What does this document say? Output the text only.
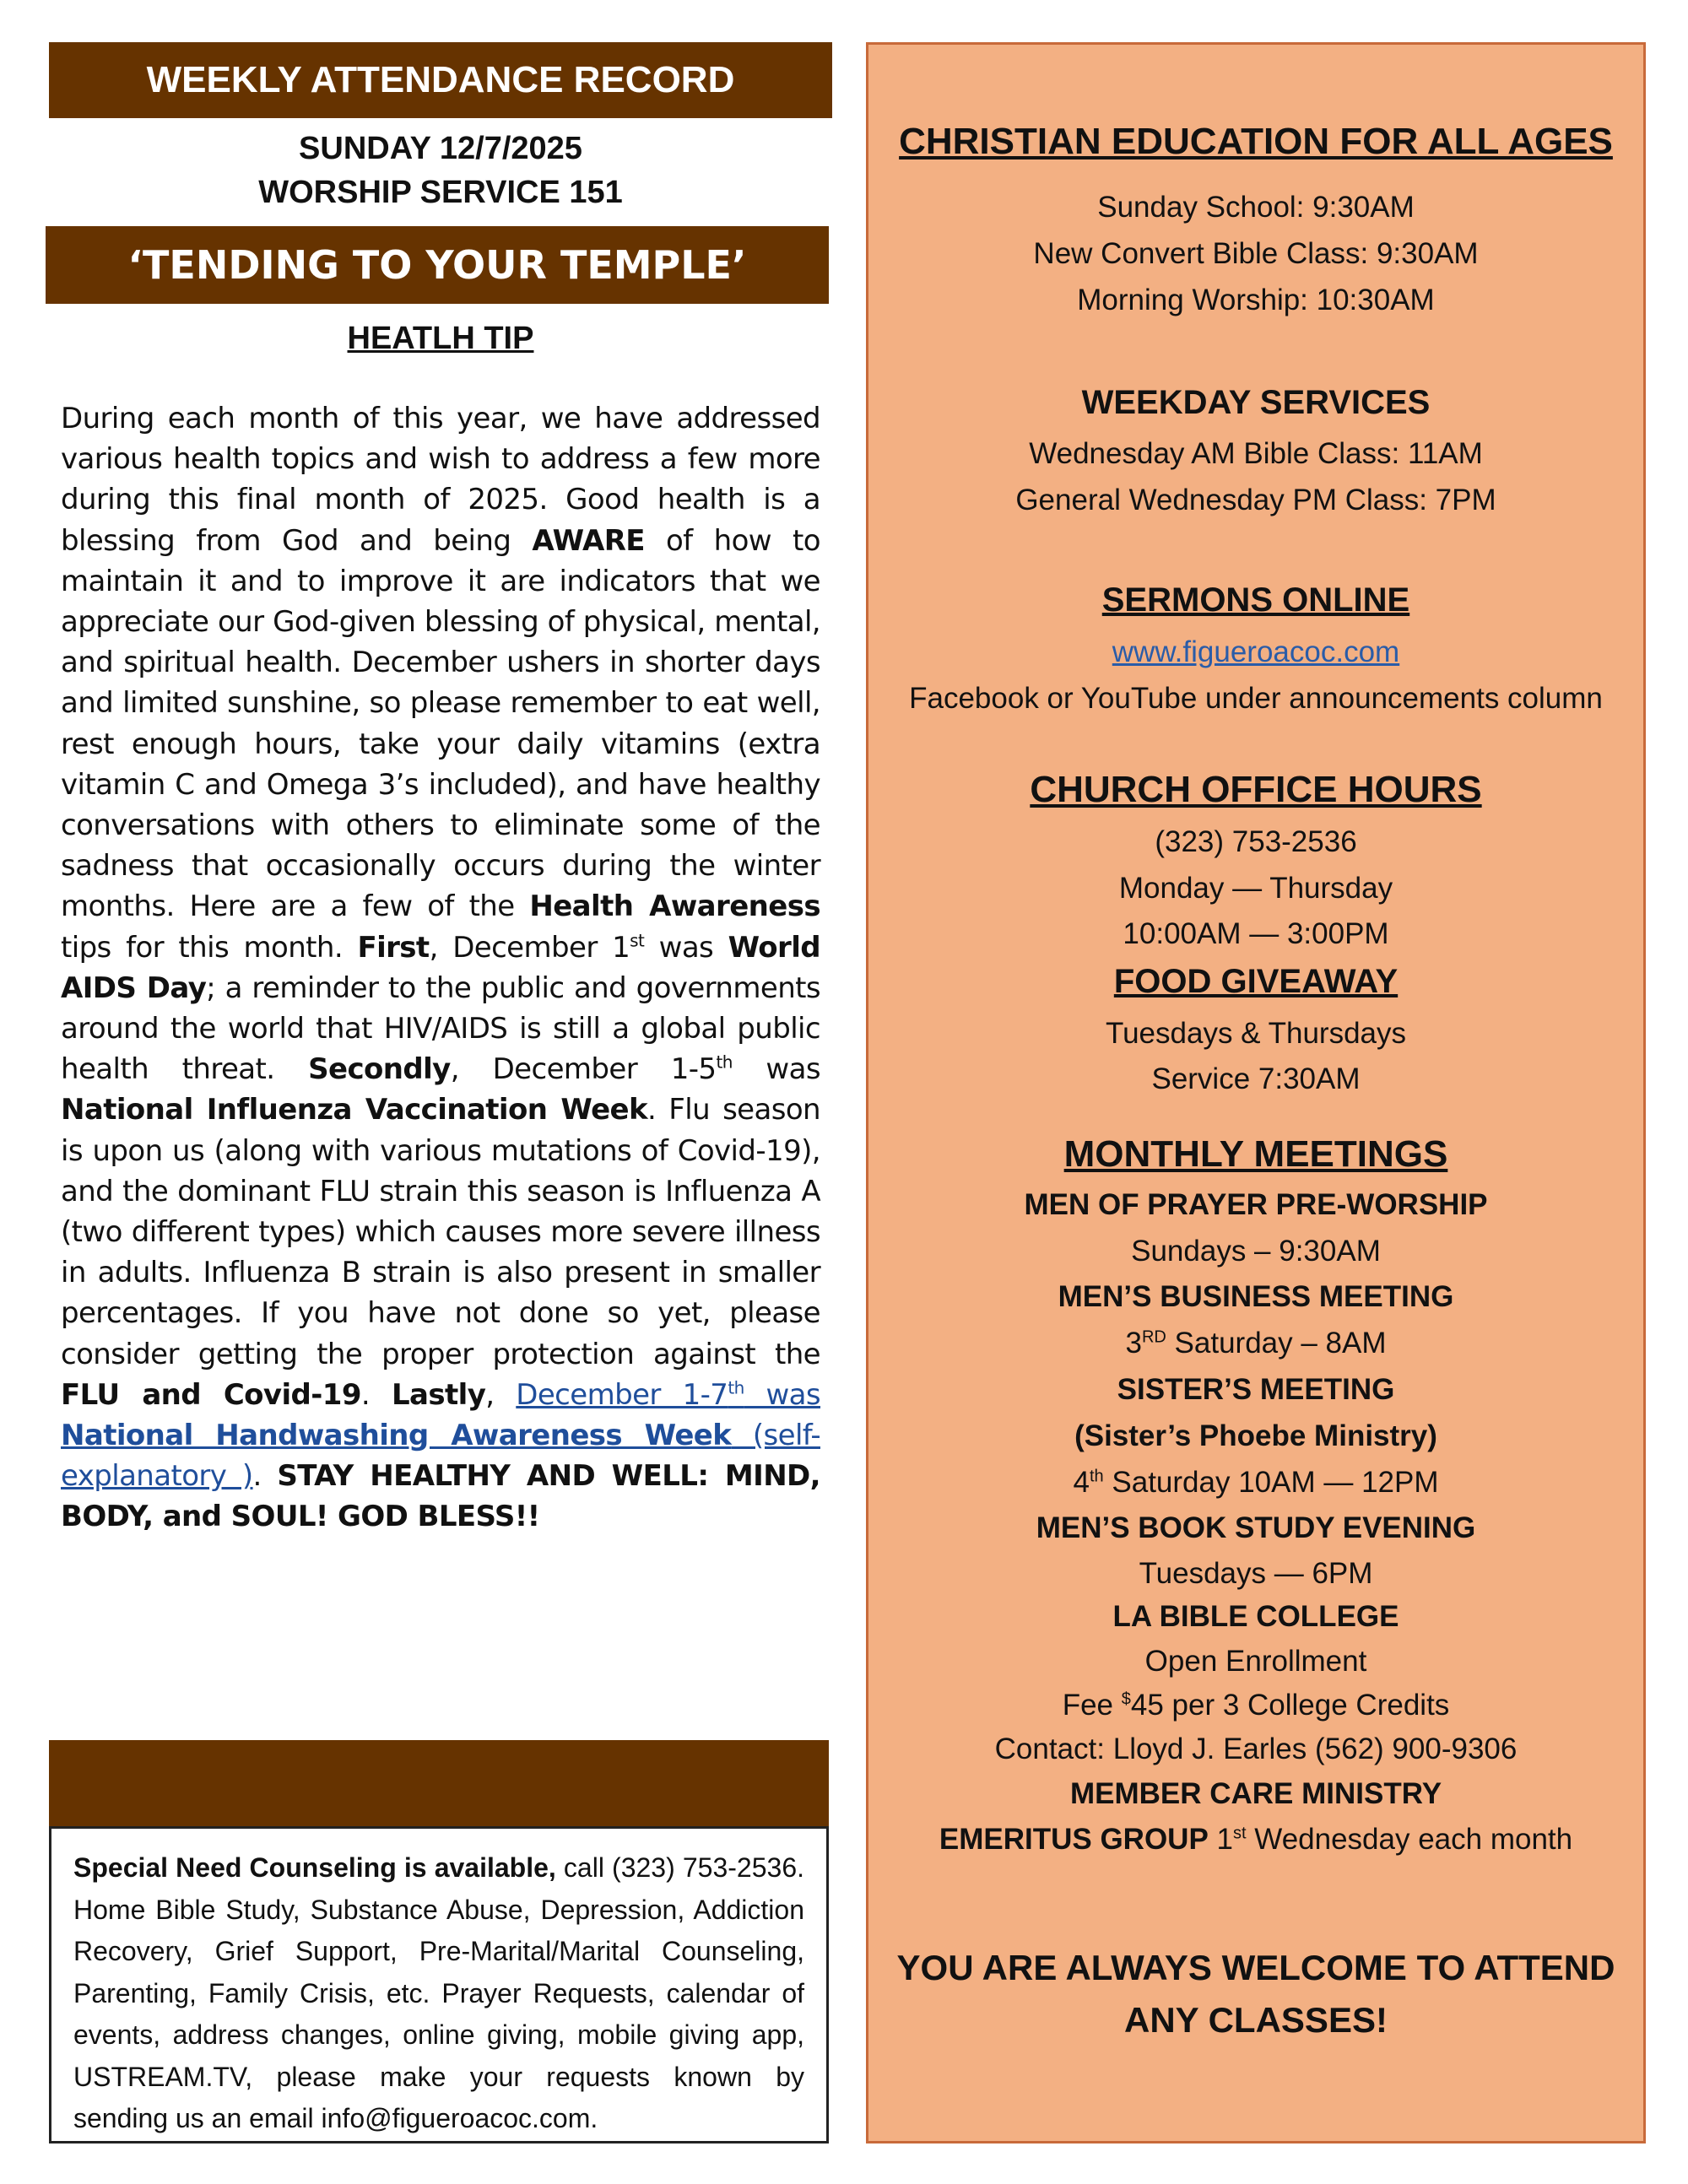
WEEKLY ATTENDANCE RECORD
SUNDAY 12/7/2025
WORSHIP SERVICE 151
‘TENDING TO YOUR TEMPLE’
HEATLH TIP
During each month of this year, we have addressed various health topics and wish to address a few more during this final month of 2025. Good health is a blessing from God and being AWARE of how to maintain it and to improve it are indicators that we appreciate our God-given blessing of physical, mental, and spiritual health. December ushers in shorter days and limited sunshine, so please remember to eat well, rest enough hours, take your daily vitamins (extra vitamin C and Omega 3’s included), and have healthy conversations with others to eliminate some of the sadness that occasionally occurs during the winter months. Here are a few of the Health Awareness tips for this month. First, December 1st was World AIDS Day; a reminder to the public and governments around the world that HIV/AIDS is still a global public health threat. Secondly, December 1-5th was National Influenza Vaccination Week. Flu season is upon us (along with various mutations of Covid-19), and the dominant FLU strain this season is Influenza A (two different types) which causes more severe illness in adults. Influenza B strain is also present in smaller percentages. If you have not done so yet, please consider getting the proper protection against the FLU and Covid-19. Lastly, December 1-7th was National Handwashing Awareness Week (self-explanatory ). STAY HEALTHY AND WELL: MIND, BODY, and SOUL! GOD BLESS!!
Special Need Counseling is available, call (323) 753-2536. Home Bible Study, Substance Abuse, Depression, Addiction Recovery, Grief Support, Pre-Marital/Marital Counseling, Parenting, Family Crisis, etc. Prayer Requests, calendar of events, address changes, online giving, mobile giving app, USTREAM.TV, please make your requests known by sending us an email info@figueroacoc.com.
CHRISTIAN EDUCATION FOR ALL AGES
Sunday School: 9:30AM
New Convert Bible Class: 9:30AM
Morning Worship: 10:30AM
WEEKDAY SERVICES
Wednesday AM Bible Class: 11AM
General Wednesday PM Class: 7PM
SERMONS ONLINE
www.figueroacoc.com
Facebook or YouTube under announcements column
CHURCH OFFICE HOURS
(323) 753-2536
Monday — Thursday
10:00AM — 3:00PM
FOOD GIVEAWAY
Tuesdays & Thursdays
Service 7:30AM
MONTHLY MEETINGS
MEN OF PRAYER PRE-WORSHIP
Sundays – 9:30AM
MEN’S BUSINESS MEETING
3RD Saturday – 8AM
SISTER’S MEETING
(Sister’s Phoebe Ministry)
4th Saturday 10AM — 12PM
MEN’S BOOK STUDY EVENING
Tuesdays — 6PM
LA BIBLE COLLEGE
Open Enrollment
Fee $45 per 3 College Credits
Contact: Lloyd J. Earles (562) 900-9306
MEMBER CARE MINISTRY
EMERITUS GROUP 1st Wednesday each month
YOU ARE ALWAYS WELCOME TO ATTEND
ANY CLASSES!
